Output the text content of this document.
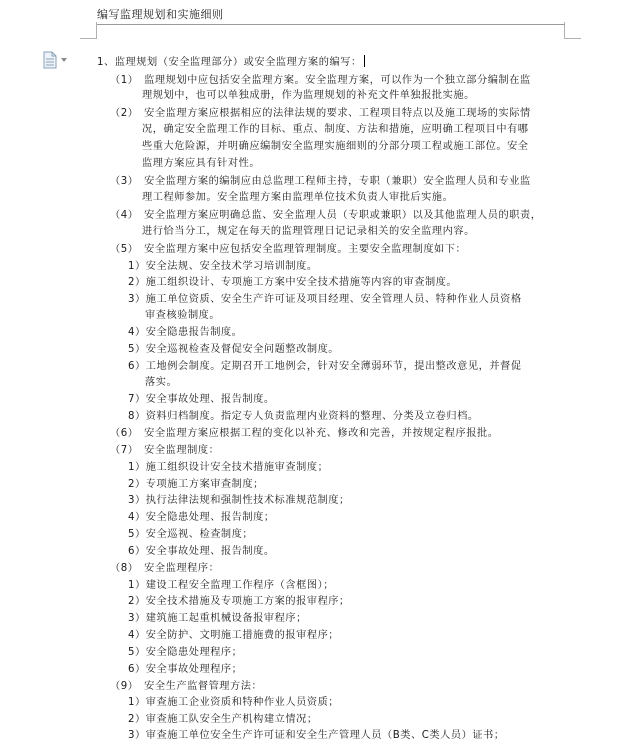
编写监理规划和实施细则
1、监理规划（安全监理部分）或安全监理方案的编写：
（1）　监理规划中应包括安全监理方案。安全监理方案，可以作为一个独立部分编制在监
理规划中，也可以单独成册，作为监理规划的补充文件单独报批实施。
（2）　安全监理方案应根据相应的法律法规的要求、工程项目特点以及施工现场的实际情
况，确定安全监理工作的目标、重点、制度、方法和措施，应明确工程项目中有哪
些重大危险源，并明确应编制安全监理实施细则的分部分项工程或施工部位。安全
监理方案应具有针对性。
（3）　安全监理方案的编制应由总监理工程师主持，专职（兼职）安全监理人员和专业监
理工程师参加。安全监理方案由监理单位技术负责人审批后实施。
（4）　安全监理方案应明确总监、安全监理人员（专职或兼职）以及其他监理人员的职责，
进行恰当分工，规定在每天的监理管理日记记录相关的安全监理内容。
（5）　安全监理方案中应包括安全监理管理制度。主要安全监理制度如下：
1）安全法规、安全技术学习培训制度。
2）施工组织设计、专项施工方案中安全技术措施等内容的审查制度。
3）施工单位资质、安全生产许可证及项目经理、安全管理人员、特种作业人员资格
审查核验制度。
4）安全隐患报告制度。
5）安全巡视检查及督促安全问题整改制度。
6）工地例会制度。定期召开工地例会，针对安全薄弱环节，提出整改意见，并督促
落实。
7）安全事故处理、报告制度。
8）资料归档制度。指定专人负责监理内业资料的整理、分类及立卷归档。
（6）　安全监理方案应根据工程的变化以补充、修改和完善，并按规定程序报批。
（7）　安全监理制度：
1）施工组织设计安全技术措施审查制度；
2）专项施工方案审查制度；
3）执行法律法规和强制性技术标准规范制度；
4）安全隐患处理、报告制度；
5）安全巡视、检查制度；
6）安全事故处理、报告制度。
（8）　安全监理程序：
1）建设工程安全监理工作程序（含框图）；
2）安全技术措施及专项施工方案的报审程序；
3）建筑施工起重机械设备报审程序；
4）安全防护、文明施工措施费的报审程序；
5）安全隐患处理程序；
6）安全事故处理程序；
（9）　安全生产监督管理方法：
1）审查施工企业资质和特种作业人员资质；
2）审查施工队安全生产机构建立情况；
3）审查施工单位安全生产许可证和安全生产管理人员（B类、C类人员）证书；
